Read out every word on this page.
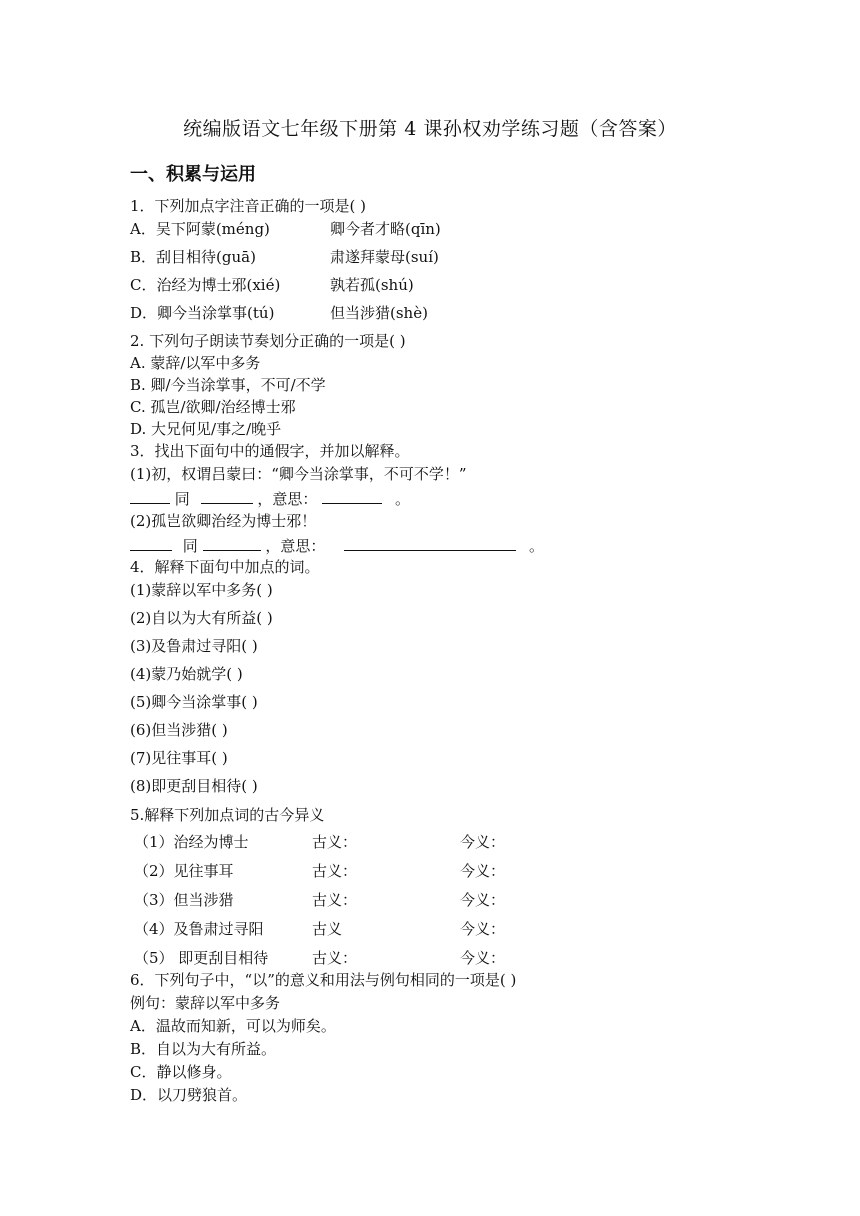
统编版语文七年级下册第 4 课孙权劝学练习题（含答案）
一、积累与运用
1．下列加点字注音正确的一项是( )
A．吴下阿蒙(méng)	卿今者才略(qīn)
B．刮目相待(guā)	肃遂拜蒙母(suí)
C．治经为博士邪(xié)	孰若孤(shú)
D．卿今当涂掌事(tú)	但当涉猎(shè)
2. 下列句子朗读节奏划分正确的一项是( )
A. 蒙辞/以军中多务
B. 卿/今当涂掌事，不可/不学
C. 孤岂/欲卿/治经博士邪
D. 大兄何见/事之/晚乎
3．找出下面句中的通假字，并加以解释。
(1)初，权谓吕蒙曰：“卿今当涂掌事，不可不学！”
同	，意思：	。
(2)孤岂欲卿治经为博士邪！
同	，意思：	。
4．解释下面句中加点的词。
(1)蒙辞以军中多务( )
(2)自以为大有所益( )
(3)及鲁肃过寻阳( )
(4)蒙乃始就学( )
(5)卿今当涂掌事( )
(6)但当涉猎( )
(7)见往事耳( )
(8)即更刮目相待( )
5.解释下列加点词的古今异义
（1）治经为博士	古义：	今义：
（2）见往事耳	古义：	今义：
（3）但当涉猎	古义：	今义：
（4）及鲁肃过寻阳	古义	今义：
（5） 即更刮目相待	古义：	今义：
6．下列句子中，“以”的意义和用法与例句相同的一项是( )
例句：蒙辞以军中多务
A．温故而知新，可以为师矣。
B．自以为大有所益。
C．静以修身。
D．以刀劈狼首。
